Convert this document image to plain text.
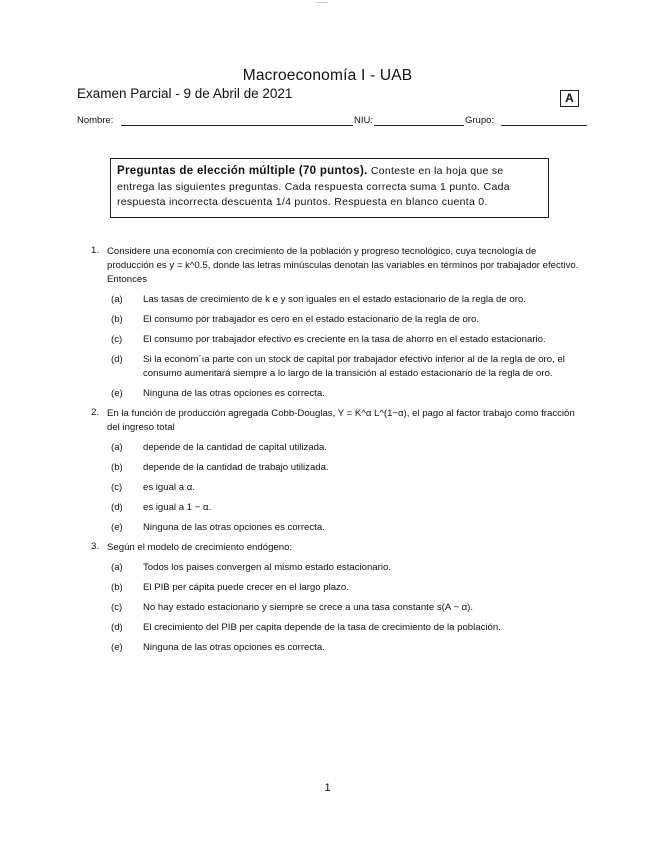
Macroeconomía I - UAB
Examen Parcial - 9 de Abril de 2021	A
Nombre:	NIU:	Grupo:
Preguntas de elección múltiple (70 puntos). Conteste en la hoja que se entrega las siguientes preguntas. Cada respuesta correcta suma 1 punto. Cada respuesta incorrecta descuenta 1/4 puntos. Respuesta en blanco cuenta 0.
1. Considere una economía con crecimiento de la población y progreso tecnológico, cuya tecnología de producción es y = k^0.5, donde las letras minúsculas denotan las variables en términos por trabajador efectivo. Entonces
(a)	Las tasas de crecimiento de k e y son iguales en el estado estacionario de la regla de oro.
(b)	El consumo por trabajador es cero en el estado estacionario de la regla de oro.
(c)	El consumo por trabajador efectivo es creciente en la tasa de ahorro en el estado estacionario.
(d)	Si la econom´ıa parte con un stock de capital por trabajador efectivo inferior al de la regla de oro, el consumo aumentará siempre a lo largo de la transición al estado estacionario de la regla de oro.
(e)	Ninguna de las otras opciones es correcta.
2. En la función de producción agregada Cobb-Douglas, Y = K^α L^(1−α), el pago al factor trabajo como fracción del ingreso total
(a)	depende de la cantidad de capital utilizada.
(b)	depende de la cantidad de trabajo utilizada.
(c)	es igual a α.
(d)	es igual a 1 − α.
(e)	Ninguna de las otras opciones es correcta.
3. Según el modelo de crecimiento endógeno:
(a)	Todos los paises convergen al mismo estado estacionario.
(b)	El PIB per cápita puede crecer en el largo plazo.
(c)	No hay estado estacionario y siempre se crece a una tasa constante s(A − α).
(d)	El crecimiento del PIB per capita depende de la tasa de crecimiento de la población.
(e)	Ninguna de las otras opciones es correcta.
1
